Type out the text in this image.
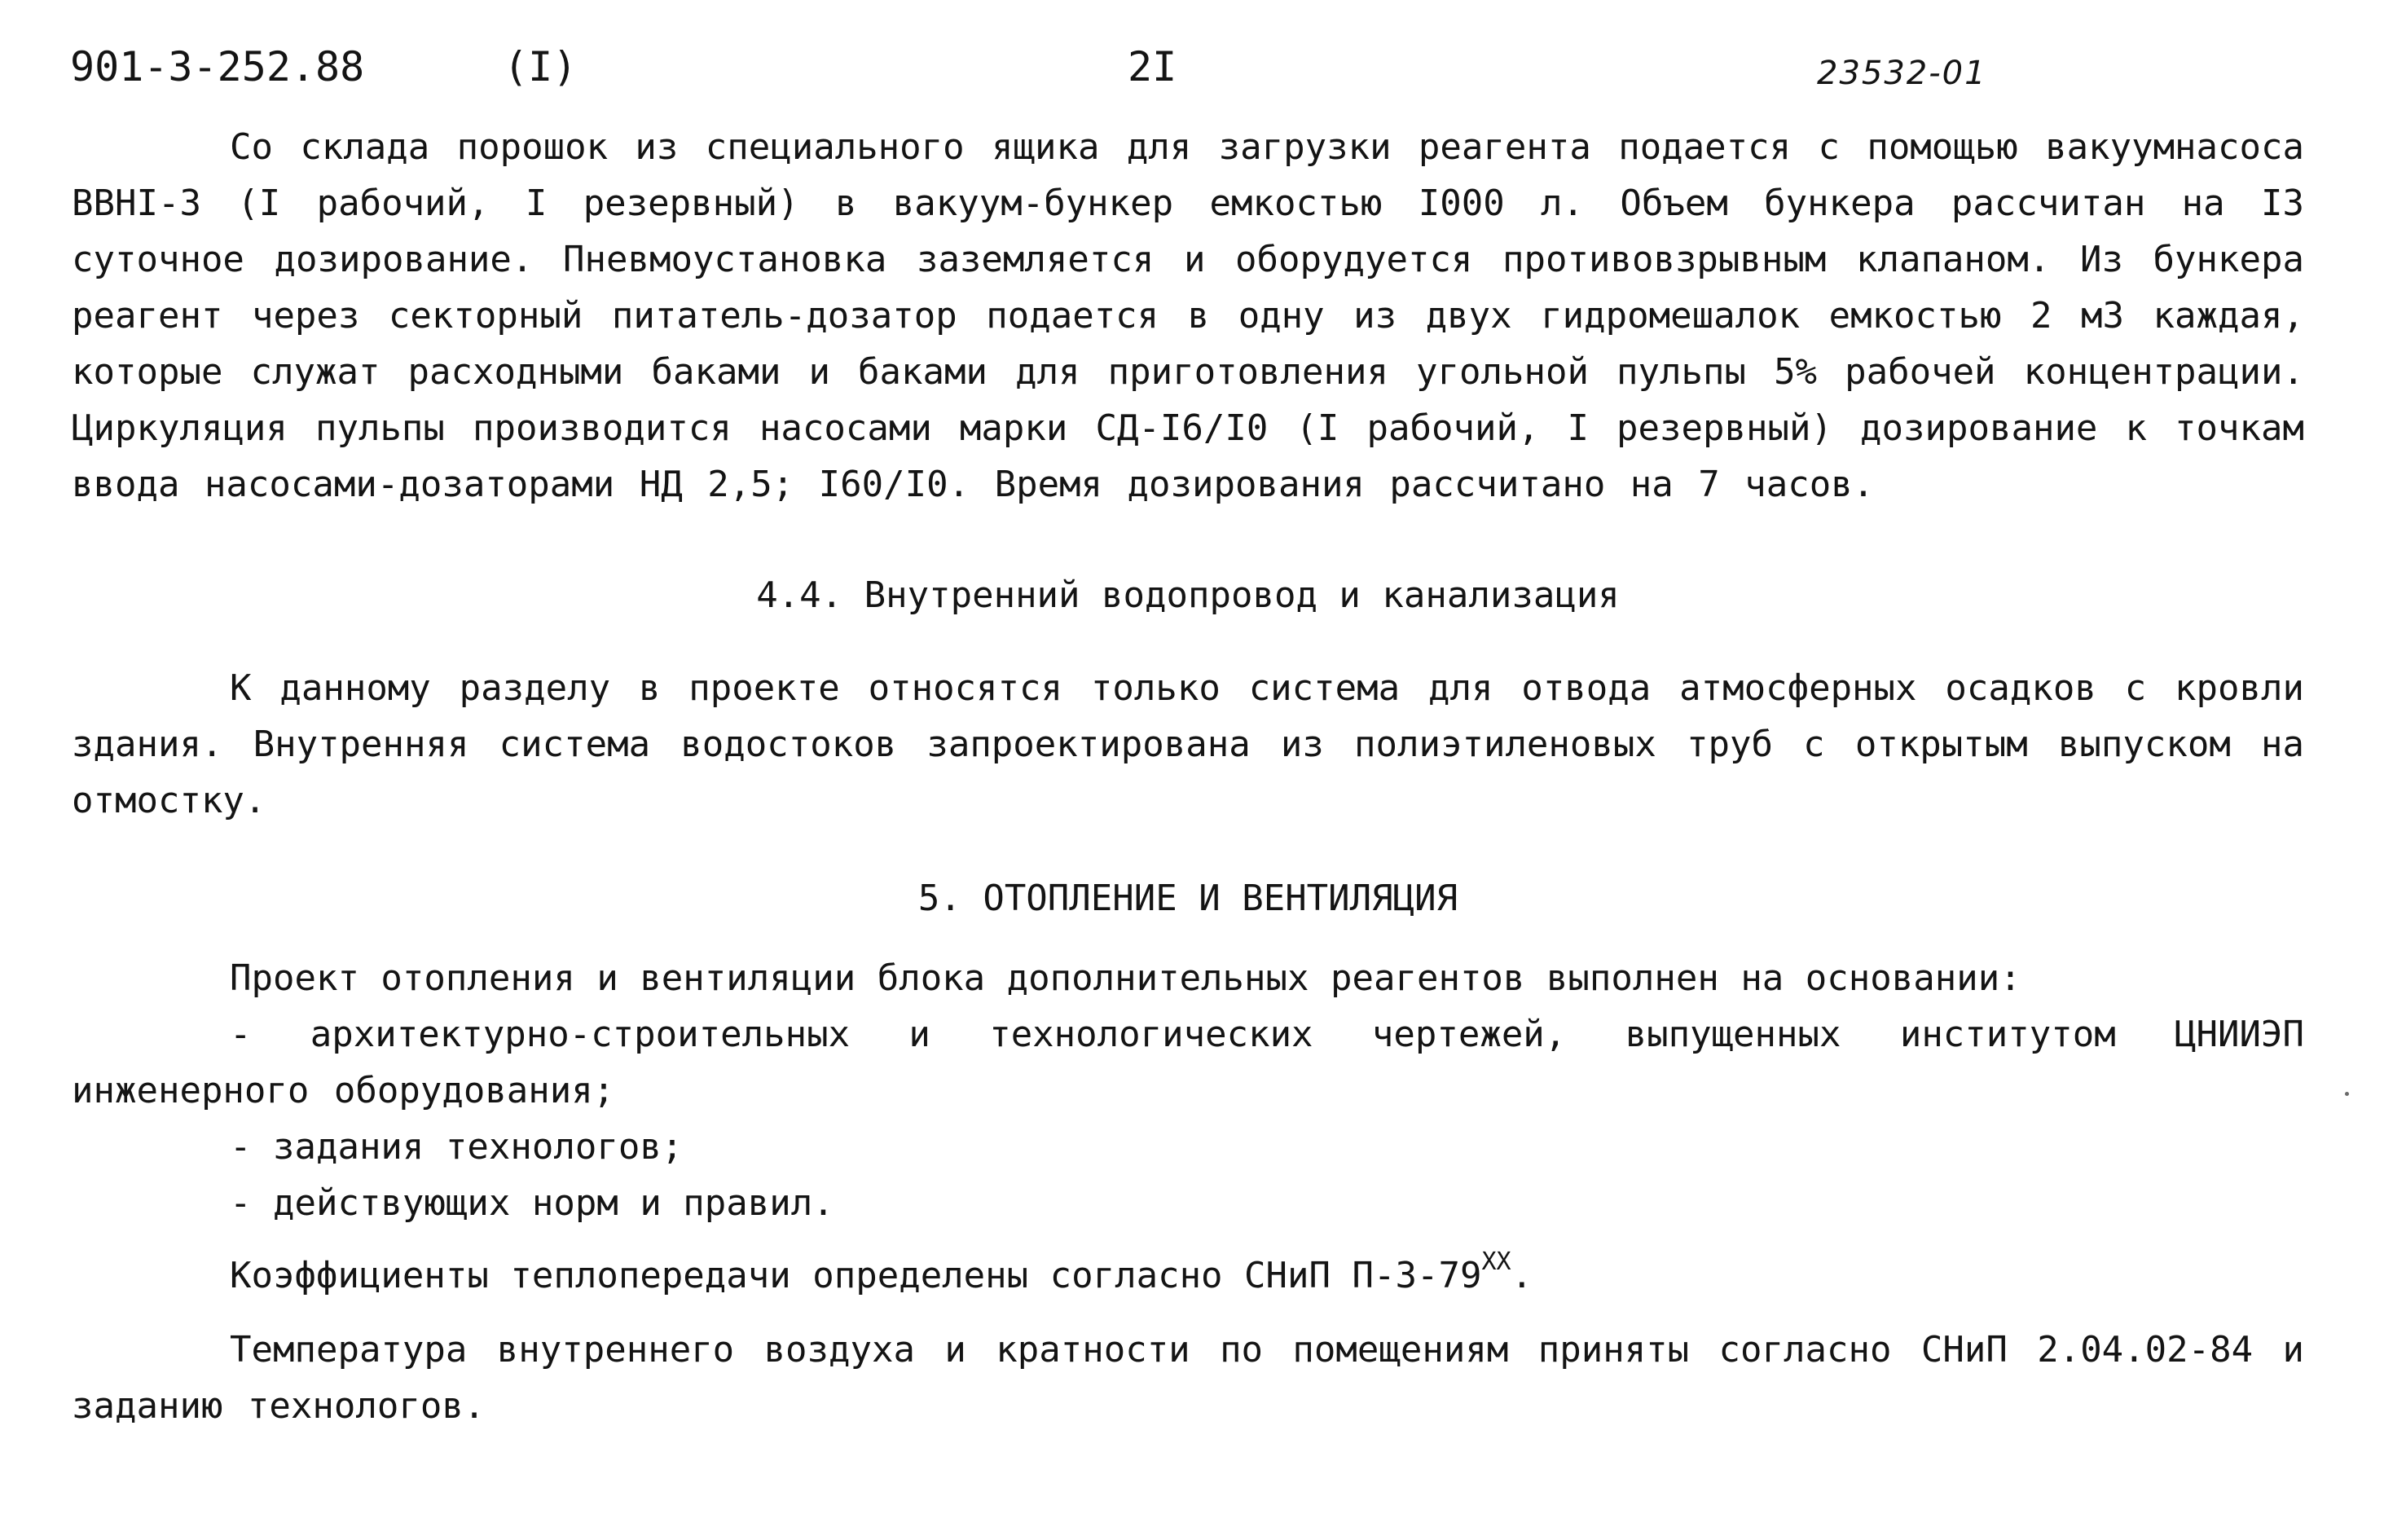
901-3-252.88	(I)	2I	23532-01

Со склада порошок из специального ящика для загрузки реагента подается с помощью вакуумнасоса ВВНI-3 (I рабочий, I резервный) в вакуум-бункер емкостью I000 л. Объем бункера рассчитан на I3 суточное дозирование. Пневмоустановка заземляется и оборудуется противовзрывным клапаном. Из бункера реагент через секторный питатель-дозатор подается в одну из двух гидромешалок емкостью 2 м3 каждая, которые служат расходными баками и баками для приготовления угольной пульпы 5% рабочей концентрации. Циркуляция пульпы производится насосами марки СД-I6/I0 (I рабочий, I резервный) дозирование к точкам ввода насосами-дозаторами НД 2,5; I60/I0. Время дозирования рассчитано на 7 часов.

4.4. Внутренний водопровод и канализация

К данному разделу в проекте относятся только система для отвода атмосферных осадков с кровли здания. Внутренняя система водостоков запроектирована из полиэтиленовых труб с открытым выпуском на отмостку.

5. ОТОПЛЕНИЕ И ВЕНТИЛЯЦИЯ

Проект отопления и вентиляции блока дополнительных реагентов выполнен на основании:

- архитектурно-строительных и технологических чертежей, выпущенных институтом ЦНИИЭП инженерного оборудования;

- задания технологов;

- действующих норм и правил.

Коэффициенты теплопередачи определены согласно СНиП $П-3-79^{XX}$.

Температура внутреннего воздуха и кратности по помещениям приняты согласно СНиП 2.04.02-84 и заданию технологов.
